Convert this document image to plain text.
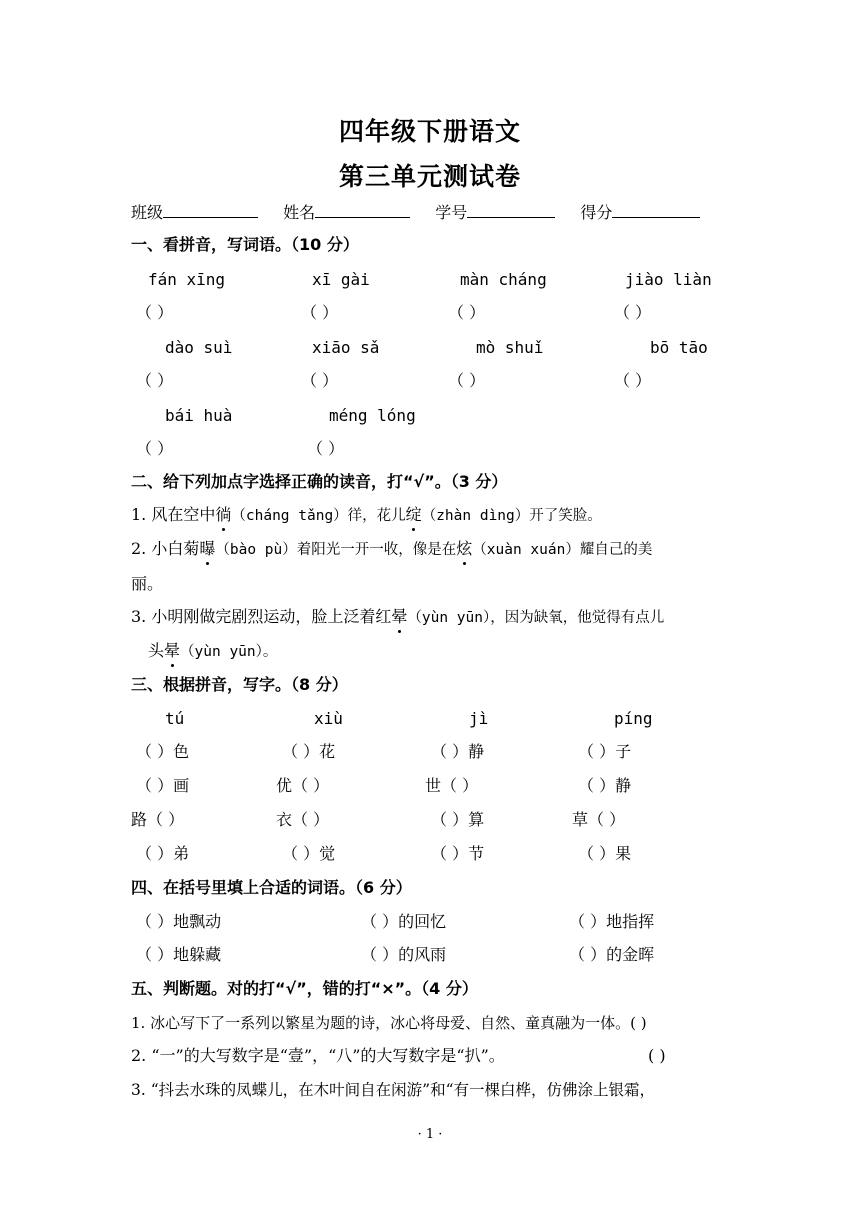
四年级下册语文
第三单元测试卷
班级	姓名	学号	得分
一、看拼音，写词语。（10 分）
fán xīng	xī gài	màn cháng	jiào liàn
（ ）	（ ）	（ ）	（ ）
dào suì	xiāo sǎ	mò shuǐ	bō tāo
（ ）	（ ）	（ ）	（ ）
bái huà	méng lóng
（ ）	（ ）
二、给下列加点字选择正确的读音，打“√”。（3 分）
1. 风在空中徜（cháng tǎng）徉，花儿绽（zhàn dìng）开了笑脸。
2. 小白菊曝（bào pù）着阳光一开一收，像是在炫（xuàn xuán）耀自己的美
丽。
3. 小明刚做完剧烈运动，脸上泛着红晕（yùn yūn），因为缺氧，他觉得有点儿
头晕（yùn yūn）。
三、根据拼音，写字。（8 分）
tú	xiù	jì	píng
（ ）色	（ ）花	（ ）静	（ ）子
（ ）画	优（ ）	世（ ）	（ ）静
路（ ）	衣（ ）	（ ）算	草（ ）
（ ）弟	（ ）觉	（ ）节	（ ）果
四、在括号里填上合适的词语。（6 分）
（ ）地飘动	（ ）的回忆	（ ）地指挥
（ ）地躲藏	（ ）的风雨	（ ）的金晖
五、判断题。对的打“√”，错的打“×”。（4 分）
1. 冰心写下了一系列以繁星为题的诗，冰心将母爱、自然、童真融为一体。( )
2. “一”的大写数字是“壹”，“八”的大写数字是“扒”。	( )
3. “抖去水珠的凤蝶儿，在木叶间自在闲游”和“有一棵白桦，仿佛涂上银霜，
· 1 ·
